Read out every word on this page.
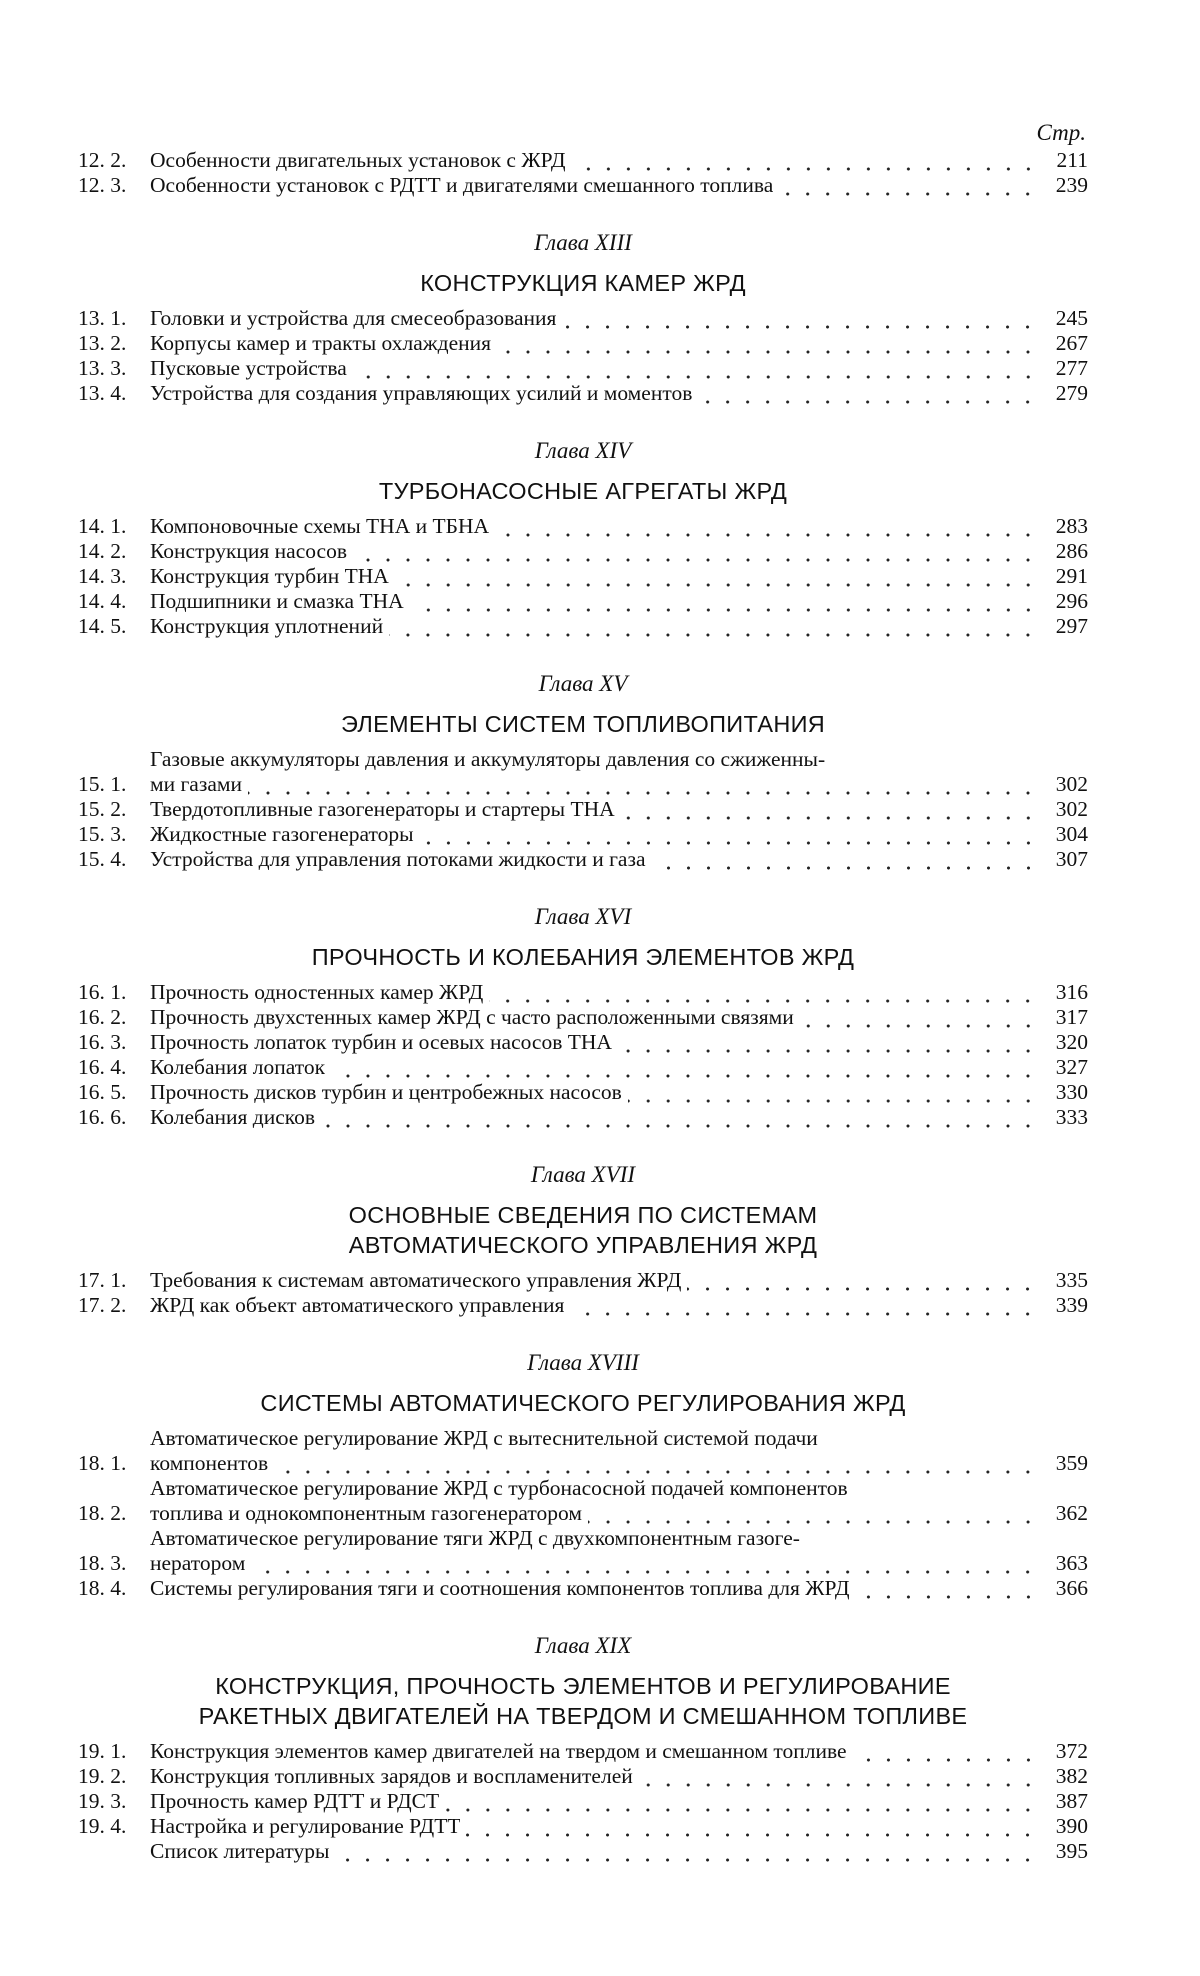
Стр.
12. 2.	Особенности двигательных установок с ЖРД	211
12. 3.	Особенности установок с РДТТ и двигателями смешанного топлива	239
Глава XIII
КОНСТРУКЦИЯ КАМЕР ЖРД
13. 1.	Головки и устройства для смесеобразования	245
13. 2.	Корпусы камер и тракты охлаждения	267
13. 3.	Пусковые устройства	277
13. 4.	Устройства для создания управляющих усилий и моментов	279
Глава XIV
ТУРБОНАСОСНЫЕ АГРЕГАТЫ ЖРД
14. 1.	Компоновочные схемы ТНА и ТБНА	283
14. 2.	Конструкция насосов	286
14. 3.	Конструкция турбин ТНА	291
14. 4.	Подшипники и смазка ТНА	296
14. 5.	Конструкция уплотнений	297
Глава XV
ЭЛЕМЕНТЫ СИСТЕМ ТОПЛИВОПИТАНИЯ
15. 1.
Газовые аккумуляторы давления и аккумуляторы давления со сжиженны-
ми газами	302
15. 2.	Твердотопливные газогенераторы и стартеры ТНА	302
15. 3.	Жидкостные газогенераторы	304
15. 4.	Устройства для управления потоками жидкости и газа	307
Глава XVI
ПРОЧНОСТЬ И КОЛЕБАНИЯ ЭЛЕМЕНТОВ ЖРД
16. 1.	Прочность одностенных камер ЖРД	316
16. 2.	Прочность двухстенных камер ЖРД с часто расположенными связями	317
16. 3.	Прочность лопаток турбин и осевых насосов ТНА	320
16. 4.	Колебания лопаток	327
16. 5.	Прочность дисков турбин и центробежных насосов	330
16. 6.	Колебания дисков	333
Глава XVII
ОСНОВНЫЕ СВЕДЕНИЯ ПО СИСТЕМАМ
АВТОМАТИЧЕСКОГО УПРАВЛЕНИЯ ЖРД
17. 1.	Требования к системам автоматического управления ЖРД	335
17. 2.	ЖРД как объект автоматического управления	339
Глава XVIII
СИСТЕМЫ АВТОМАТИЧЕСКОГО РЕГУЛИРОВАНИЯ ЖРД
18. 1.
Автоматическое регулирование ЖРД с вытеснительной системой подачи
компонентов	359
18. 2.
Автоматическое регулирование ЖРД с турбонасосной подачей компонентов
топлива и однокомпонентным газогенератором	362
18. 3.
Автоматическое регулирование тяги ЖРД с двухкомпонентным газоге-
нератором	363
18. 4.	Системы регулирования тяги и соотношения компонентов топлива для ЖРД	366
Глава XIX
КОНСТРУКЦИЯ, ПРОЧНОСТЬ ЭЛЕМЕНТОВ И РЕГУЛИРОВАНИЕ
РАКЕТНЫХ ДВИГАТЕЛЕЙ НА ТВЕРДОМ И СМЕШАННОМ ТОПЛИВЕ
19. 1.	Конструкция элементов камер двигателей на твердом и смешанном топливе	372
19. 2.	Конструкция топливных зарядов и воспламенителей	382
19. 3.	Прочность камер РДТТ и РДСТ	387
19. 4.	Настройка и регулирование РДТТ	390
Список литературы	395
